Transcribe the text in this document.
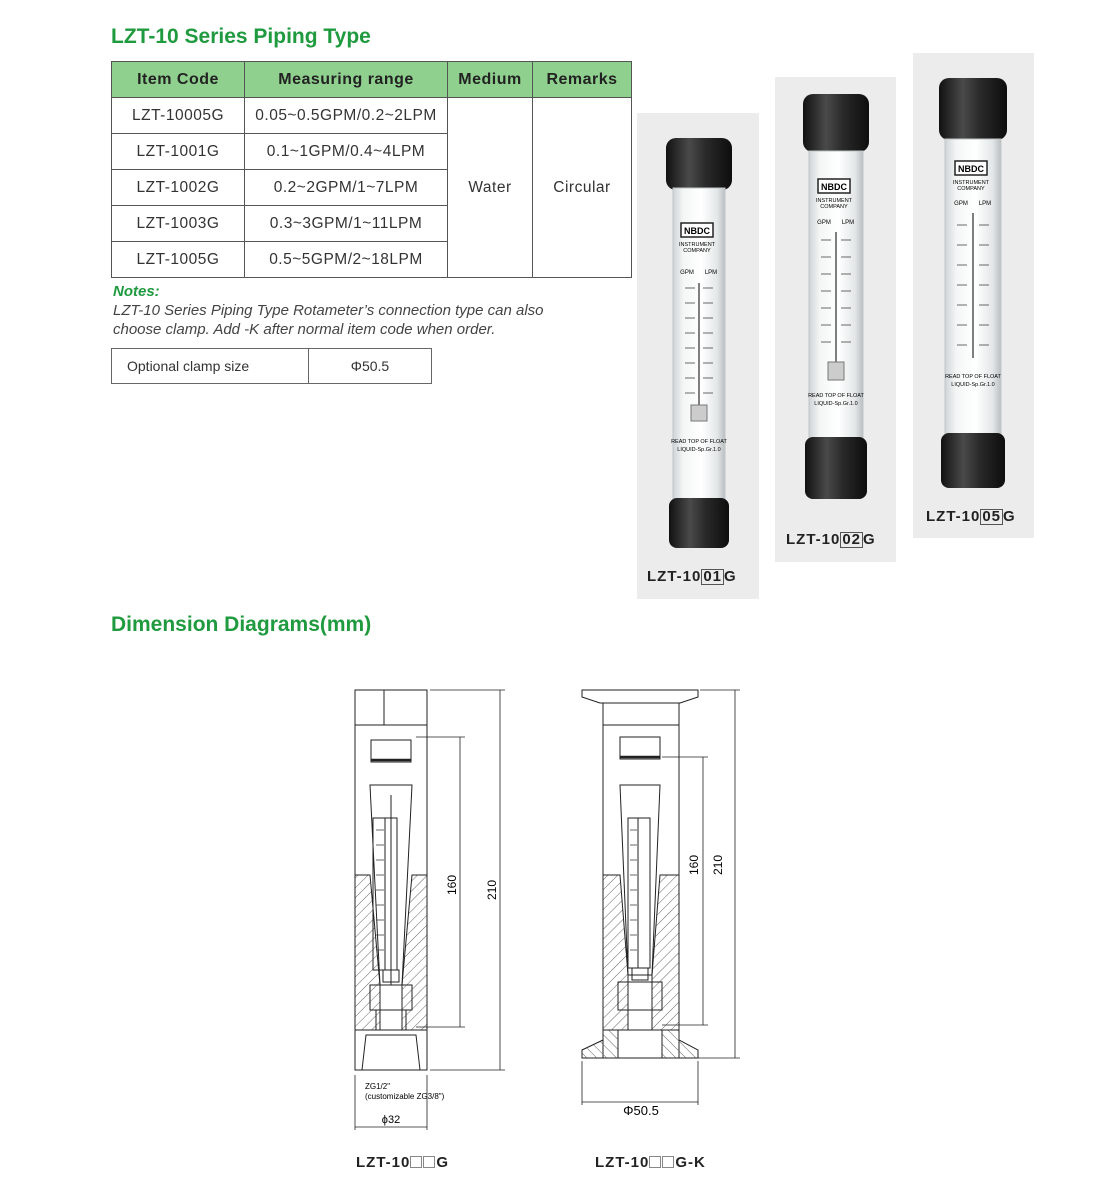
LZT-10 Series Piping Type
Item Code	Measuring range	Medium	Remarks
LZT-10005G	0.05~0.5GPM/0.2~2LPM	Water	Circular
LZT-1001G	0.1~1GPM/0.4~4LPM		
LZT-1002G	0.2~2GPM/1~7LPM		
LZT-1003G	0.3~3GPM/1~11LPM		
LZT-1005G	0.5~5GPM/2~18LPM		
Notes:
LZT-10 Series Piping Type Rotameter’s connection type can also
choose clamp. Add -K after normal item code when order.
Optional clamp size	Φ50.5
NBDC
INSTRUMENT
COMPANY
GPM LPM
READ TOP OF FLOAT
LIQUID-Sp.Gr.1.0
LZT-10 01 G
NBDC
INSTRUMENT
COMPANY
GPM LPM
READ TOP OF FLOAT
LIQUID-Sp.Gr.1.0
LZT-10 02 G
NBDC
INSTRUMENT
COMPANY
GPM LPM
READ TOP OF FLOAT
LIQUID-Sp.Gr.1.0
LZT-10 05 G
Dimension Diagrams(mm)
210
160
ZG1/2"
(customizable ZG3/8")
ϕ32
LZT-10 G
210
160
Φ50.5
LZT-10 G-K
